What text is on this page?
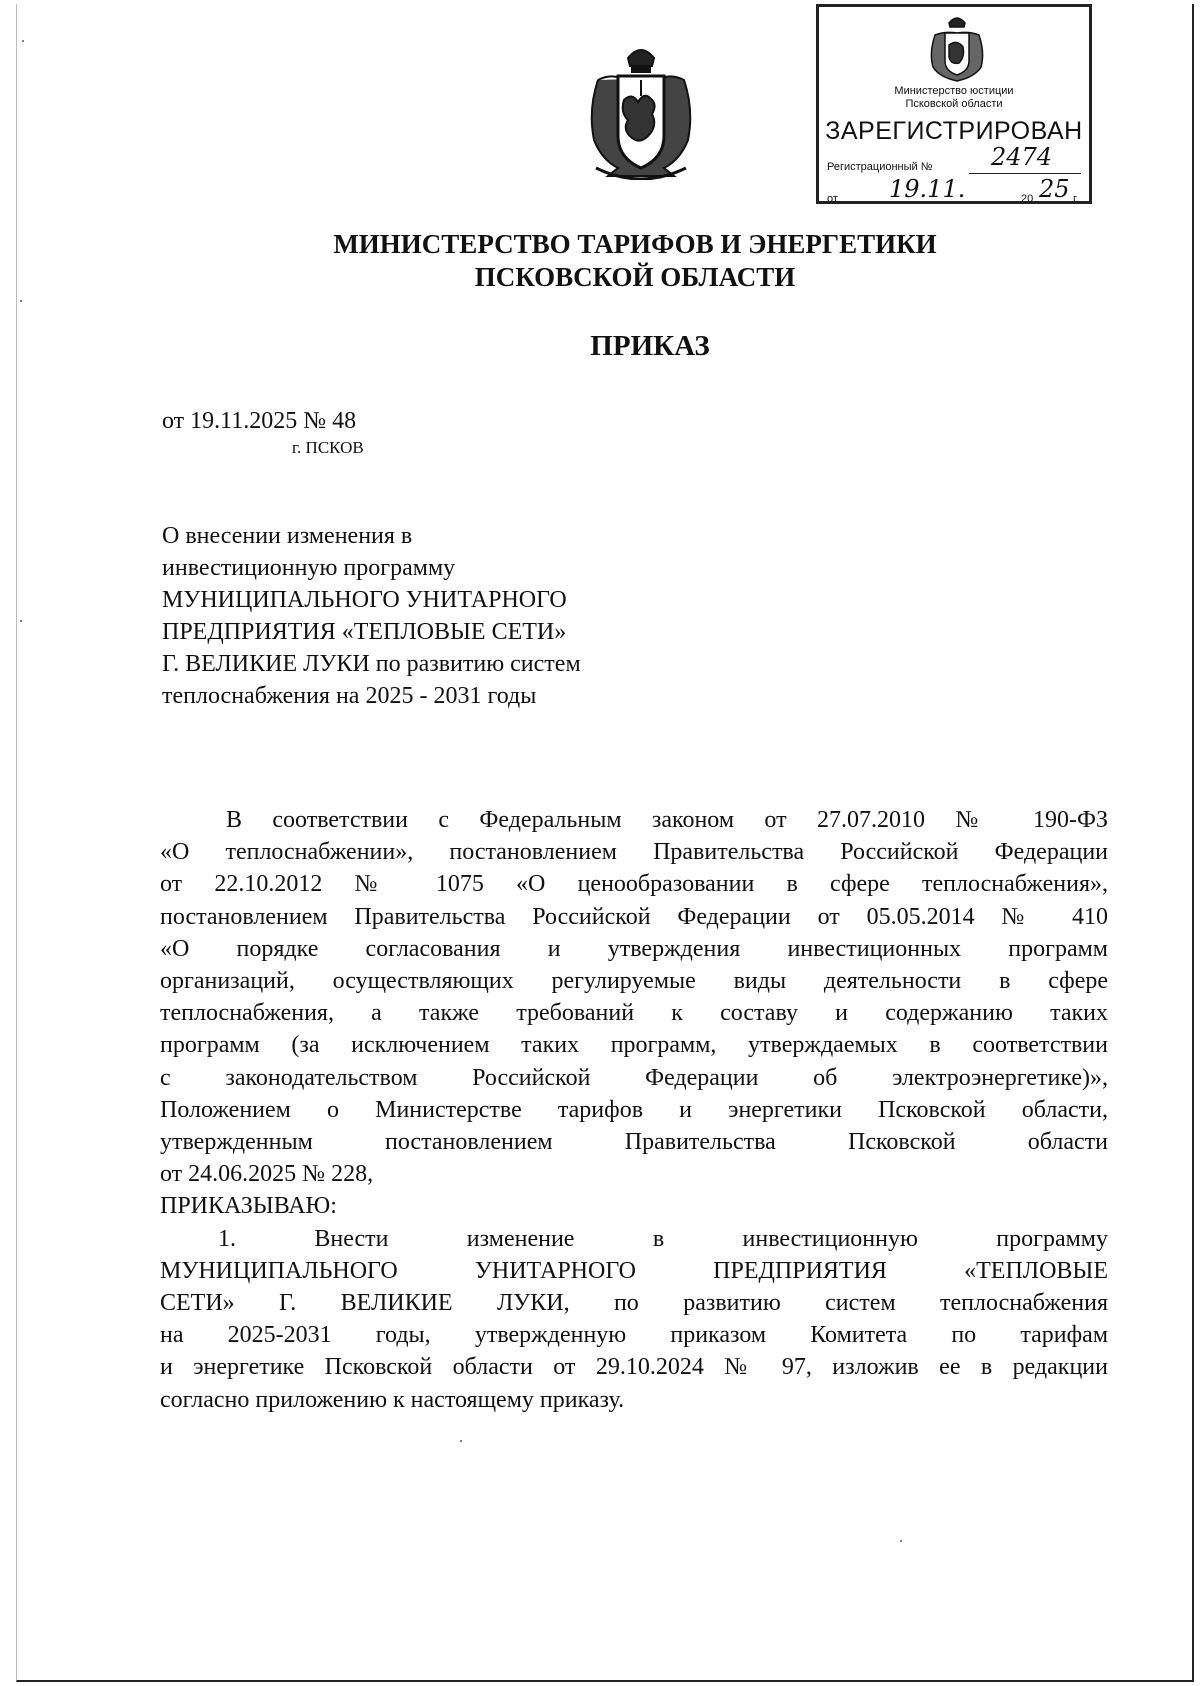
Министерство юстиции
Псковской области
ЗАРЕГИСТРИРОВАН
Регистрационный № 2474
от 19.11.	20 25 г.
МИНИСТЕРСТВО ТАРИФОВ И ЭНЕРГЕТИКИ
ПСКОВСКОЙ ОБЛАСТИ
ПРИКАЗ
от 19.11.2025 № 48
г. ПСКОВ
О внесении изменения в
инвестиционную программу
МУНИЦИПАЛЬНОГО УНИТАРНОГО
ПРЕДПРИЯТИЯ «ТЕПЛОВЫЕ СЕТИ»
Г. ВЕЛИКИЕ ЛУКИ по развитию систем
теплоснабжения на 2025 - 2031 годы
В соответствии с Федеральным законом от 27.07.2010 № 190-ФЗ
«О теплоснабжении», постановлением Правительства Российской Федерации
от 22.10.2012 № 1075 «О ценообразовании в сфере теплоснабжения»,
постановлением Правительства Российской Федерации от 05.05.2014 № 410
«О порядке согласования и утверждения инвестиционных программ
организаций, осуществляющих регулируемые виды деятельности в сфере
теплоснабжения, а также требований к составу и содержанию таких
программ (за исключением таких программ, утверждаемых в соответствии
с законодательством Российской Федерации об электроэнергетике)»,
Положением о Министерстве тарифов и энергетики Псковской области,
утвержденным постановлением Правительства Псковской области
от 24.06.2025 № 228,
ПРИКАЗЫВАЮ:
1. Внести изменение в инвестиционную программу
МУНИЦИПАЛЬНОГО УНИТАРНОГО ПРЕДПРИЯТИЯ «ТЕПЛОВЫЕ
СЕТИ» Г. ВЕЛИКИЕ ЛУКИ, по развитию систем теплоснабжения
на 2025-2031 годы, утвержденную приказом Комитета по тарифам
и энергетике Псковской области от 29.10.2024 № 97, изложив ее в редакции
согласно приложению к настоящему приказу.
